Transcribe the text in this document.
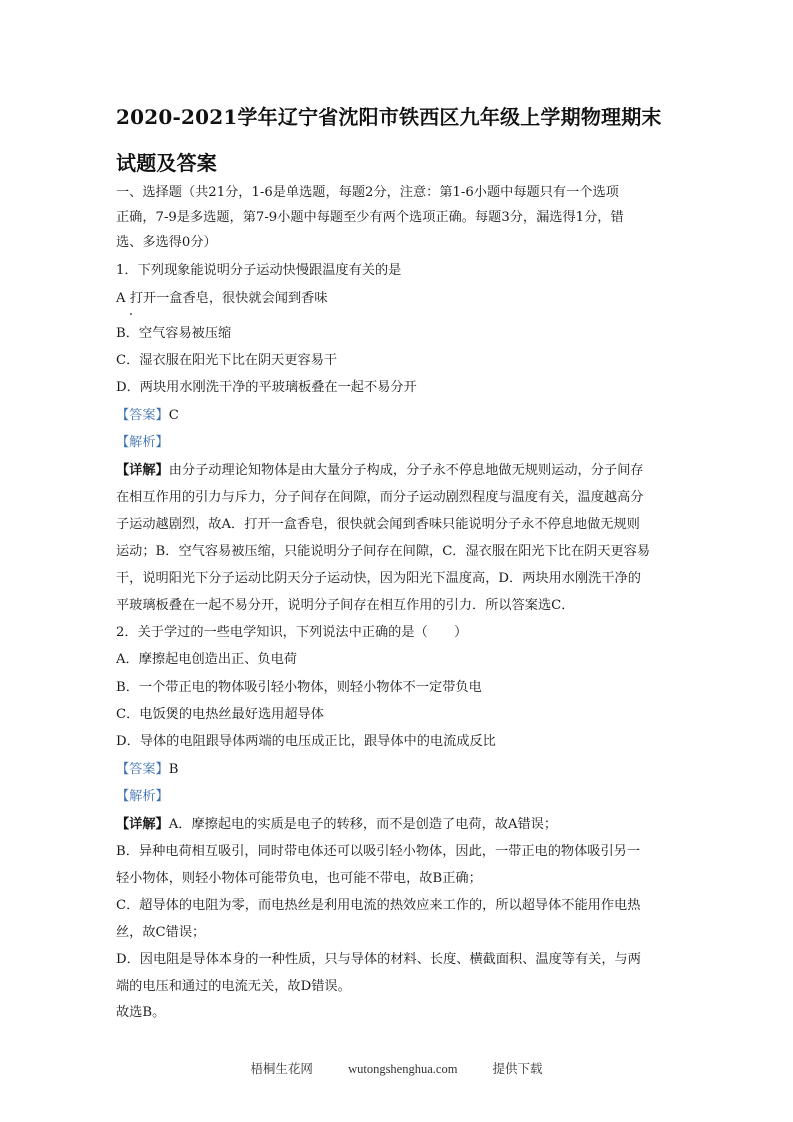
2020-2021学年辽宁省沈阳市铁西区九年级上学期物理期末
试题及答案
一、选择题（共21分，1-6是单选题，每题2分，注意：第1-6小题中每题只有一个选项
正确，7-9是多选题，第7-9小题中每题至少有两个选项正确。每题3分，漏选得1分，错
选、多选得0分）
1．下列现象能说明分子运动快慢跟温度有关的是
A 打开一盒香皂，很快就会闻到香味
B．空气容易被压缩
C．湿衣服在阳光下比在阴天更容易干
D．两块用水刚洗干净的平玻璃板叠在一起不易分开
【答案】C
【解析】
【详解】由分子动理论知物体是由大量分子构成，分子永不停息地做无规则运动，分子间存
在相互作用的引力与斥力，分子间存在间隙，而分子运动剧烈程度与温度有关，温度越高分
子运动越剧烈，故A．打开一盒香皂，很快就会闻到香味只能说明分子永不停息地做无规则
运动；B．空气容易被压缩，只能说明分子间存在间隙，C．湿衣服在阳光下比在阴天更容易
干，说明阳光下分子运动比阴天分子运动快，因为阳光下温度高，D．两块用水刚洗干净的
平玻璃板叠在一起不易分开，说明分子间存在相互作用的引力．所以答案选C．
2．关于学过的一些电学知识，下列说法中正确的是（　　）
A．摩擦起电创造出正、负电荷
B．一个带正电的物体吸引轻小物体，则轻小物体不一定带负电
C．电饭煲的电热丝最好选用超导体
D．导体的电阻跟导体两端的电压成正比，跟导体中的电流成反比
【答案】B
【解析】
【详解】A．摩擦起电的实质是电子的转移，而不是创造了电荷，故A错误；
B．异种电荷相互吸引，同时带电体还可以吸引轻小物体，因此，一带正电的物体吸引另一
轻小物体，则轻小物体可能带负电，也可能不带电，故B正确；
C．超导体的电阻为零，而电热丝是利用电流的热效应来工作的，所以超导体不能用作电热
丝，故C错误；
D．因电阻是导体本身的一种性质，只与导体的材料、长度、横截面积、温度等有关，与两
端的电压和通过的电流无关，故D错误。
故选B。
梧桐生花网	wutongshenghua.com	提供下载
